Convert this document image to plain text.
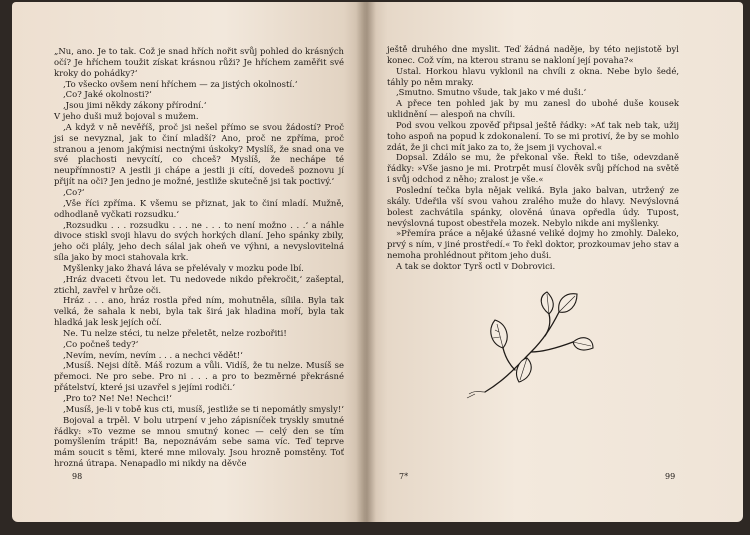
„Nu, ano. Je to tak. Což je snad hřích nořit svůj pohled do krásných očí? Je hříchem toužit získat krásnou růži? Je hříchem zaměřit své kroky do pohádky?‘

‚To všecko ovšem není hříchem — za jistých okolností.‘

‚Co? Jaké okolnosti?‘

‚Jsou jimi někdy zákony přírodní.‘

V jeho duši muž bojoval s mužem.

‚A když v ně nevěříš, proč jsi nešel přímo se svou žádostí? Proč jsi se nevyznal, jak to činí mladší? Ano, proč ne zpříma, proč stranou a jenom jakýmisi nectnými úskoky? Myslíš, že snad ona ve své plachosti nevycítí, co chceš? Myslíš, že nechápe té neupřímnosti? A jestli ji chápe a jestli ji cítí, dovedeš poznovu jí přijít na oči? Jen jedno je možné, jestliže skutečně jsi tak poctivý.‘

‚Co?‘

‚Vše říci zpříma. K všemu se přiznat, jak to činí mladí. Mužně, odhodlaně vyčkati rozsudku.‘

‚Rozsudku . . . rozsudku . . . ne . . . to není možno . . .‘ a náhle divoce stiskl svoji hlavu do svých horkých dlaní. Jeho spánky zbily, jeho oči plály, jeho dech sálal jak oheň ve výhni, a nevyslovitelná síla jako by moci stahovala krk.

Myšlenky jako žhavá láva se přelévaly v mozku pode lbí.

‚Hráz dvaceti čtvou let. Tu nedovede nikdo překročit,‘ zašeptal, ztichl, zavřel v hrůze oči.

Hráz . . . ano, hráz rostla před ním, mohutněla, sílila. Byla tak velká, že sahala k nebi, byla tak širá jak hladina moří, byla tak hladká jak lesk jejích očí.

Ne. Tu nelze stéci, tu nelze přeletět, nelze rozbořiti!

‚Co počneš tedy?‘

‚Nevím, nevím, nevím . . . a nechci vědět!‘

‚Musíš. Nejsi dítě. Máš rozum a vůli. Vidíš, že tu nelze. Musíš se přemoci. Ne pro sebe. Pro ni . . . a pro to bezměrné překrásné přátelství, které jsi uzavřel s jejími rodiči.‘

‚Pro to? Ne! Ne! Nechci!‘

‚Musíš, je-li v tobě kus cti, musíš, jestliže se ti nepomátly smysly!‘

Bojoval a trpěl. V bolu utrpení v jeho zápisníček tryskly smutné řádky: »To vezme se mnou smutný konec — celý den se tím pomyšlením trápit! Ba, nepoznávám sebe sama víc. Teď teprve mám soucit s těmi, které mne milovaly. Jsou hrozně pomstěny. Toť hrozná útrapa. Nenapadlo mi nikdy na děvče

98

ještě druhého dne myslit. Teď žádná naděje, by této nejistotě byl konec. Což vím, na kterou stranu se nakloní její povaha?«

Ustal. Horkou hlavu vyklonil na chvíli z okna. Nebe bylo šedé, táhly po něm mraky.

‚Smutno. Smutno všude, tak jako v mé duši.‘

A přece ten pohled jak by mu zanesl do ubohé duše kousek uklidnění — alespoň na chvíli.

Pod svou velkou zpověď připsal ještě řádky: »Ať tak neb tak, užij toho aspoň na popud k zdokonalení. To se mi protiví, že by se mohlo zdát, že ji chci mít jako za to, že jsem ji vychoval.«

Dopsal. Zdálo se mu, že překonal vše. Řekl to tiše, odevzdaně řádky: »Vše jasno je mi. Protrpět musí člověk svůj příchod na světě i svůj odchod z něho; zralost je vše.«

Poslední tečka byla nějak veliká. Byla jako balvan, utržený ze skály. Udeřila vší svou vahou zralého muže do hlavy. Nevýslovná bolest zachvátila spánky, olověná únava opředla údy. Tupost, nevýslovná tupost obestřela mozek. Nebylo nikde ani myšlenky.

»Přemíra práce a nějaké úžasné veliké dojmy ho zmohly. Daleko, prvý s ním, v jiné prostředí.« To řekl doktor, prozkoumav jeho stav a nemoha prohlédnout přitom jeho duši.

A tak se doktor Tyrš octl v Dobrovici.

7*	99
